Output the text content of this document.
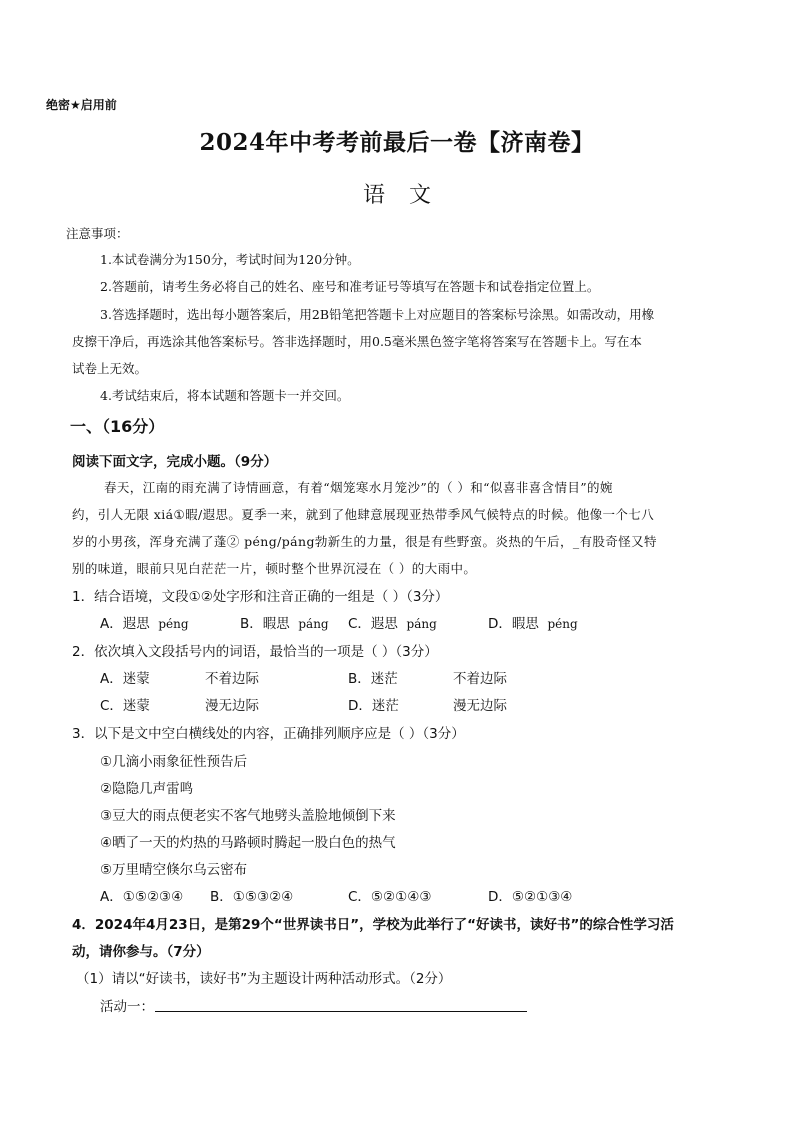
绝密★启用前
2024年中考考前最后一卷【济南卷】
语文
注意事项：
1.本试卷满分为150分，考试时间为120分钟。
2.答题前，请考生务必将自己的姓名、座号和准考证号等填写在答题卡和试卷指定位置上。
3.答选择题时，选出每小题答案后，用2B铅笔把答题卡上对应题目的答案标号涂黑。如需改动，用橡
皮擦干净后，再选涂其他答案标号。答非选择题时，用0.5毫米黑色签字笔将答案写在答题卡上。写在本
试卷上无效。
4.考试结束后，将本试题和答题卡一并交回。
一、（16分）
阅读下面文字，完成小题。（9分）
春天，江南的雨充满了诗情画意，有着“烟笼寒水月笼沙”的（ ）和“似喜非喜含情目”的婉
约，引人无限 xiá①暇/遐思。夏季一来，就到了他肆意展现亚热带季风气候特点的时候。他像一个七八
岁的小男孩，浑身充满了蓬② péng/páng勃新生的力量，很是有些野蛮。炎热的午后，_有股奇怪又特
别的味道，眼前只见白茫茫一片，顿时整个世界沉浸在（ ）的大雨中。
1．结合语境，文段①②处字形和注音正确的一组是（ ）（3分）
A．遐思 péng	B．暇思 páng C．遐思 páng	D．暇思 péng
2．依次填入文段括号内的词语，最恰当的一项是（ ）（3分）
A．迷蒙	不着边际	B．迷茫	不着边际
C．迷蒙	漫无边际	D．迷茫	漫无边际
3．以下是文中空白横线处的内容，正确排列顺序应是（ ）（3分）
①几滴小雨象征性预告后
②隐隐几声雷鸣
③豆大的雨点便老实不客气地劈头盖脸地倾倒下来
④晒了一天的灼热的马路顿时腾起一股白色的热气
⑤万里晴空倏尔乌云密布
A．①⑤②③④ B．①⑤③②④	C．⑤②①④③	D．⑤②①③④
4．2024年4月23日，是第29个“世界读书日”，学校为此举行了“好读书，读好书”的综合性学习活
动，请你参与。（7分）
（1）请以“好读书，读好书”为主题设计两种活动形式。（2分）
活动一：
